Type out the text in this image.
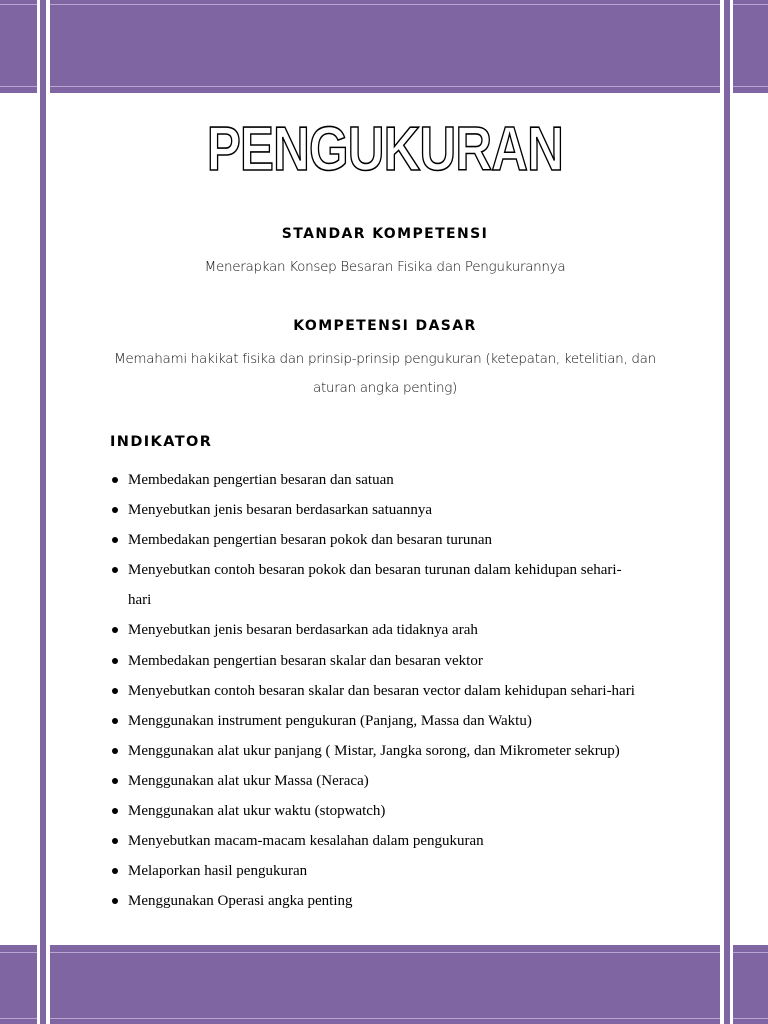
PENGUKURAN
STANDAR KOMPETENSI
Menerapkan Konsep Besaran Fisika dan Pengukurannya
KOMPETENSI DASAR
Memahami hakikat fisika dan prinsip-prinsip pengukuran (ketepatan, ketelitian, dan
aturan angka penting)
INDIKATOR
Membedakan pengertian besaran dan satuan
Menyebutkan jenis besaran berdasarkan satuannya
Membedakan pengertian besaran pokok dan besaran turunan
Menyebutkan contoh besaran pokok dan besaran turunan dalam kehidupan sehari-
hari
Menyebutkan jenis besaran berdasarkan ada tidaknya arah
Membedakan pengertian besaran skalar dan besaran vektor
Menyebutkan contoh besaran skalar dan besaran vector dalam kehidupan sehari-hari
Menggunakan instrument pengukuran (Panjang, Massa dan Waktu)
Menggunakan alat ukur panjang ( Mistar, Jangka sorong, dan Mikrometer sekrup)
Menggunakan alat ukur Massa (Neraca)
Menggunakan alat ukur waktu (stopwatch)
Menyebutkan macam-macam kesalahan dalam pengukuran
Melaporkan hasil pengukuran
Menggunakan Operasi angka penting
